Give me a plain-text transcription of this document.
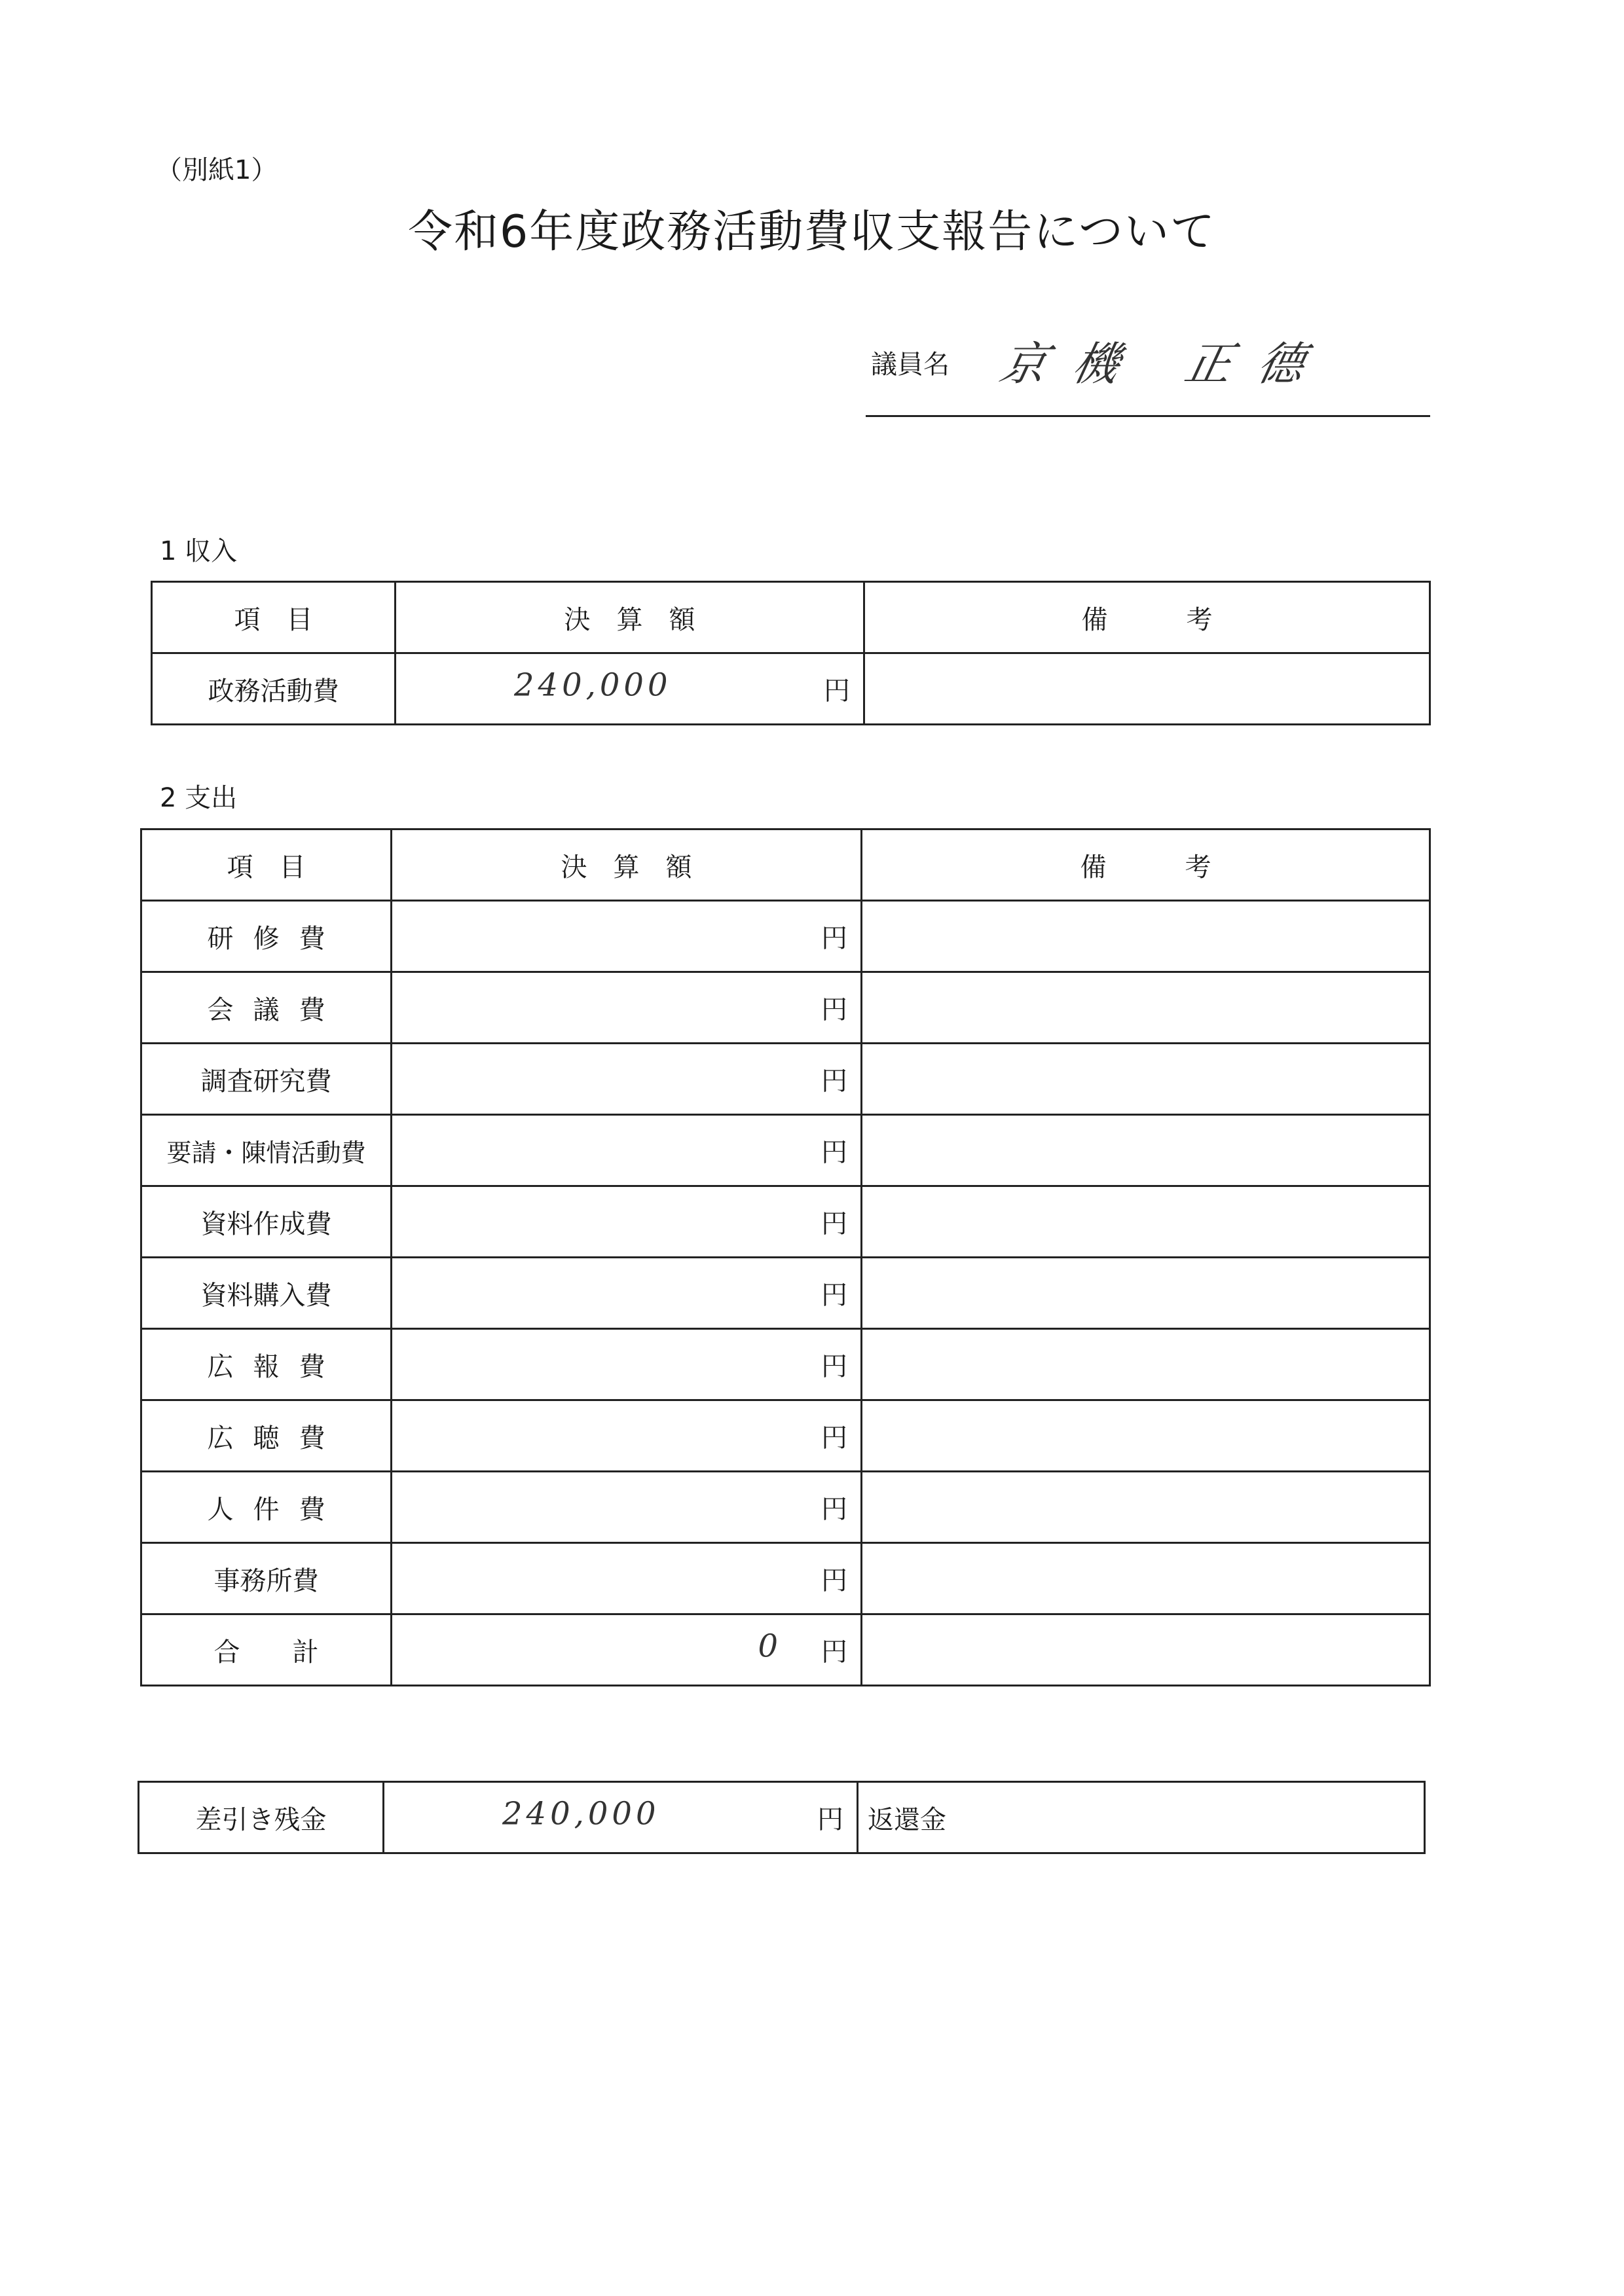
（別紙1）
令和6年度政務活動費収支報告について
議員名 京機 正德
1 収入
項目	決算額	備考
政務活動費	240,000 円	

2 支出
項目	決算額	備考
研修費	円	

会議費	円	

調査研究費	円	

要請・陳情活動費	円	

資料作成費	円	

資料購入費	円	

広報費	円	

広聴費	円	

人件費	円	

事務所費	円	

合計	0 円	

差引き残金	240,000	円	返還金
